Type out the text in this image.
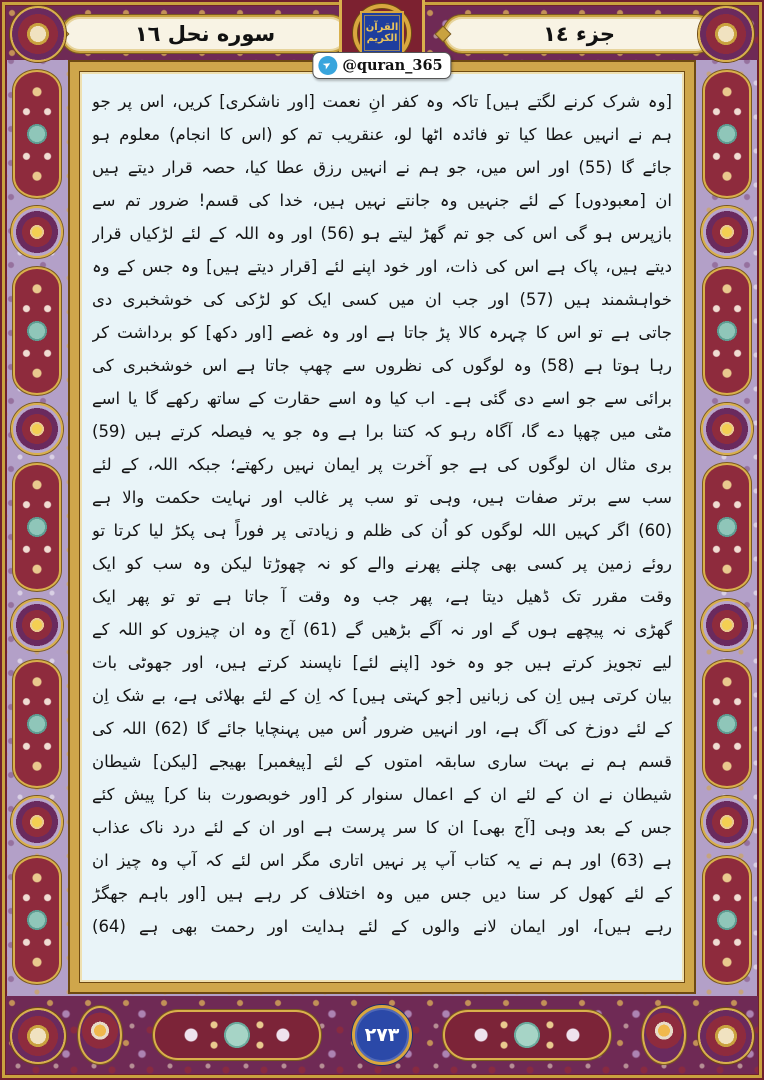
جزء ١٤
سوره نحل ١٦	القرآن
الكريم
➤ @quran_365
٢٧٣
[وہ شرک کرنے لگتے ہیں] تاکہ وہ کفر انِ نعمت [اور ناشکری] کریں، اس پر جو
ہم نے انہیں عطا کیا تو فائدہ اٹھا لو، عنقریب تم کو (اس کا انجام) معلوم ہو
جائے گا (55) اور اس میں، جو ہم نے انہیں رزق عطا کیا، حصہ قرار دیتے ہیں
ان [معبودوں] کے لئے جنہیں وہ جانتے نہیں ہیں، خدا کی قسم! ضرور تم سے
بازپرس ہو گی اس کی جو تم گھڑ لیتے ہو (56) اور وہ اللہ کے لئے لڑکیاں قرار
دیتے ہیں، پاک ہے اس کی ذات، اور خود اپنے لئے [قرار دیتے ہیں] وہ جس کے وہ
خواہشمند ہیں (57) اور جب ان میں کسی ایک کو لڑکی کی خوشخبری دی
جاتی ہے تو اس کا چہرہ کالا پڑ جاتا ہے اور وہ غصے [اور دکھ] کو برداشت کر
رہا ہوتا ہے (58) وہ لوگوں کی نظروں سے چھپ جاتا ہے اس خوشخبری کی
برائی سے جو اسے دی گئی ہے۔ اب کیا وہ اسے حقارت کے ساتھ رکھے گا یا اسے
مٹی میں چھپا دے گا، آگاہ رہو کہ کتنا برا ہے وہ جو یہ فیصلہ کرتے ہیں (59)
بری مثال ان لوگوں کی ہے جو آخرت پر ایمان نہیں رکھتے؛ جبکہ اللہ، کے لئے
سب سے برتر صفات ہیں، وہی تو سب پر غالب اور نہایت حکمت والا ہے
(60) اگر کہیں اللہ لوگوں کو اُن کی ظلم و زیادتی پر فوراً ہی پکڑ لیا کرتا تو
روئے زمین پر کسی بھی چلنے پھرنے والے کو نہ چھوڑتا لیکن وہ سب کو ایک
وقت مقرر تک ڈھیل دیتا ہے، پھر جب وہ وقت آ جاتا ہے تو تو پھر ایک
گھڑی نہ پیچھے ہوں گے اور نہ آگے بڑھیں گے (61) آج وہ ان چیزوں کو اللہ کے
لیے تجویز کرتے ہیں جو وہ خود [اپنے لئے] ناپسند کرتے ہیں، اور جھوٹی بات
بیان کرتی ہیں اِن کی زبانیں [جو کہتی ہیں] کہ اِن کے لئے بھلائی ہے، بے شک اِن
کے لئے دوزخ کی آگ ہے، اور انہیں ضرور اُس میں پہنچایا جائے گا (62) اللہ کی
قسم ہم نے بہت ساری سابقہ امتوں کے لئے [پیغمبر] بھیجے [لیکن] شیطان
شیطان نے ان کے لئے ان کے اعمال سنوار کر [اور خوبصورت بنا کر] پیش کئے
جس کے بعد وہی [آج بھی] ان کا سر پرست ہے اور ان کے لئے درد ناک عذاب
ہے (63) اور ہم نے یہ کتاب آپ پر نہیں اتاری مگر اس لئے کہ آپ وہ چیز ان
کے لئے کھول کر سنا دیں جس میں وہ اختلاف کر رہے ہیں [اور باہم جھگڑ
رہے ہیں]، اور ایمان لانے والوں کے لئے ہدایت اور رحمت بھی ہے (64)
